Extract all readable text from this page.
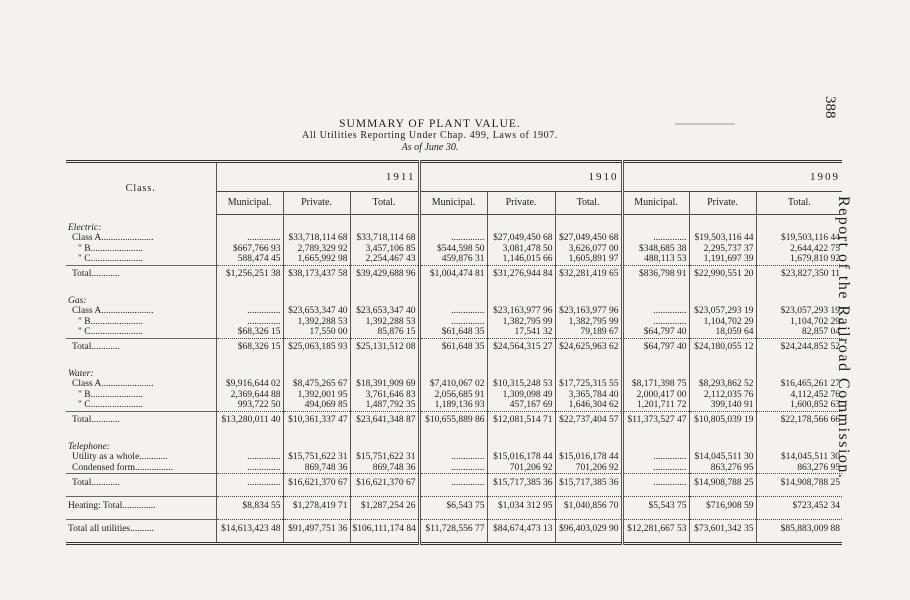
388
Report of the Railroad Commission.
SUMMARY OF PLANT VALUE.
All Utilities Reporting Under Chap. 499, Laws of 1907.
As of June 30.
Class.	1911			1910			1909		
	Municipal.	Private.	Total.	Municipal.	Private.	Total.	Municipal.	Private.	Total.
Electric:									
Class A......................	..............	$33,718,114 68	$33,718,114 68	..............	$27,049,450 68	$27,049,450 68	..............	$19,503,116 44	$19,503,116 44
" B......................	$667,766 93	2,789,329 92	3,457,106 85	$544,598 50	3,081,478 50	3,626,077 00	$348,685 38	2,295,737 37	2,644,422 75
" C......................	588,474 45	1,665,992 98	2,254,467 43	459,876 31	1,146,015 66	1,605,891 97	488,113 53	1,191,697 39	1,679,810 92
Total............	$1,256,251 38	$38,173,437 58	$39,429,688 96	$1,004,474 81	$31,276,944 84	$32,281,419 65	$836,798 91	$22,990,551 20	$23,827,350 11

Gas:									
Class A......................	..............	$23,653,347 40	$23,653,347 40	..............	$23,163,977 96	$23,163,977 96	..............	$23,057,293 19	$23,057,293 19
" B......................	..............	1,392,288 53	1,392,288 53	..............	1,382,795 99	1,382,795 99	..............	1,104,702 29	1,104,702 29
" C......................	$68,326 15	17,550 00	85,876 15	$61,648 35	17,541 32	79,189 67	$64,797 40	18,059 64	82,857 04
Total............	$68,326 15	$25,063,185 93	$25,131,512 08	$61,648 35	$24,564,315 27	$24,625,963 62	$64,797 40	$24,180,055 12	$24,244,852 52

Water:									
Class A......................	$9,916,644 02	$8,475,265 67	$18,391,909 69	$7,410,067 02	$10,315,248 53	$17,725,315 55	$8,171,398 75	$8,293,862 52	$16,465,261 27
" B......................	2,369,644 88	1,392,001 95	3,761,646 83	2,056,685 91	1,309,098 49	3,365,784 40	2,000,417 00	2,112,035 76	4,112,452 76
" C......................	993,722 50	494,069 85	1,487,792 35	1,189,136 93	457,167 69	1,646,304 62	1,201,711 72	399,140 91	1,600,852 63
Total............	$13,280,011 40	$10,361,337 47	$23,641,348 87	$10,655,889 86	$12,081,514 71	$22,737,404 57	$11,373,527 47	$10,805,039 19	$22,178,566 66

Telephone:									
Utility as a whole............	..............	$15,751,622 31	$15,751,622 31	..............	$15,016,178 44	$15,016,178 44	..............	$14,045,511 30	$14,045,511 30
Condensed form................	..............	869,748 36	869,748 36	..............	701,206 92	701,206 92	..............	863,276 95	863,276 95
Total............	..............	$16,621,370 67	$16,621,370 67	..............	$15,717,385 36	$15,717,385 36	..............	$14,908,788 25	$14,908,788 25

Heating: Total..............	$8,834 55	$1,278,419 71	$1,287,254 26	$6,543 75	$1,034 312 95	$1,040,856 70	$5,543 75	$716,908 59	$723,452 34

Total all utilities..........	$14,613,423 48	$91,497,751 36	$106,111,174 84	$11,728,556 77	$84,674,473 13	$96,403,029 90	$12,281,667 53	$73,601,342 35	$85,883,009 88
